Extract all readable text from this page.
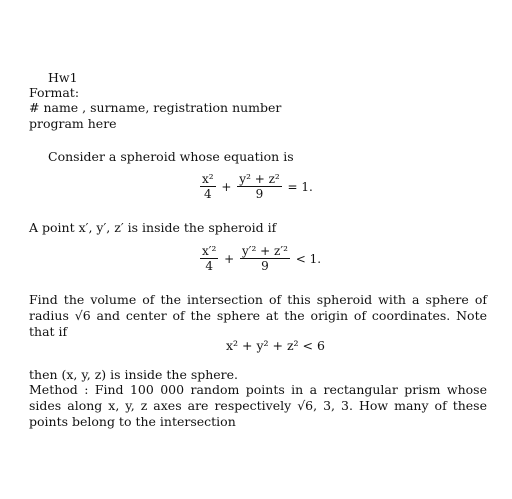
Hw1
Format:
# name , surname, registration number
program here
Consider a spheroid whose equation is
$\frac{\text{x²}}{4} + \frac{\text{y² + z²}}{9} = 1$.
A point x′, y′, z′ is inside the spheroid if
$\frac{\text{x′²}}{4} + \frac{\text{y′² + z′²}}{9} < 1$.
Find the volume of the intersection of this spheroid with a sphere of radius √6 and center of the sphere at the origin of coordinates. Note that if
x² + y² + z² < 6
then (x, y, z) is inside the sphere.
Method : Find 100 000 random points in a rectangular prism whose sides along x, y, z axes are respectively √6, 3, 3. How many of these points belong to the intersection
